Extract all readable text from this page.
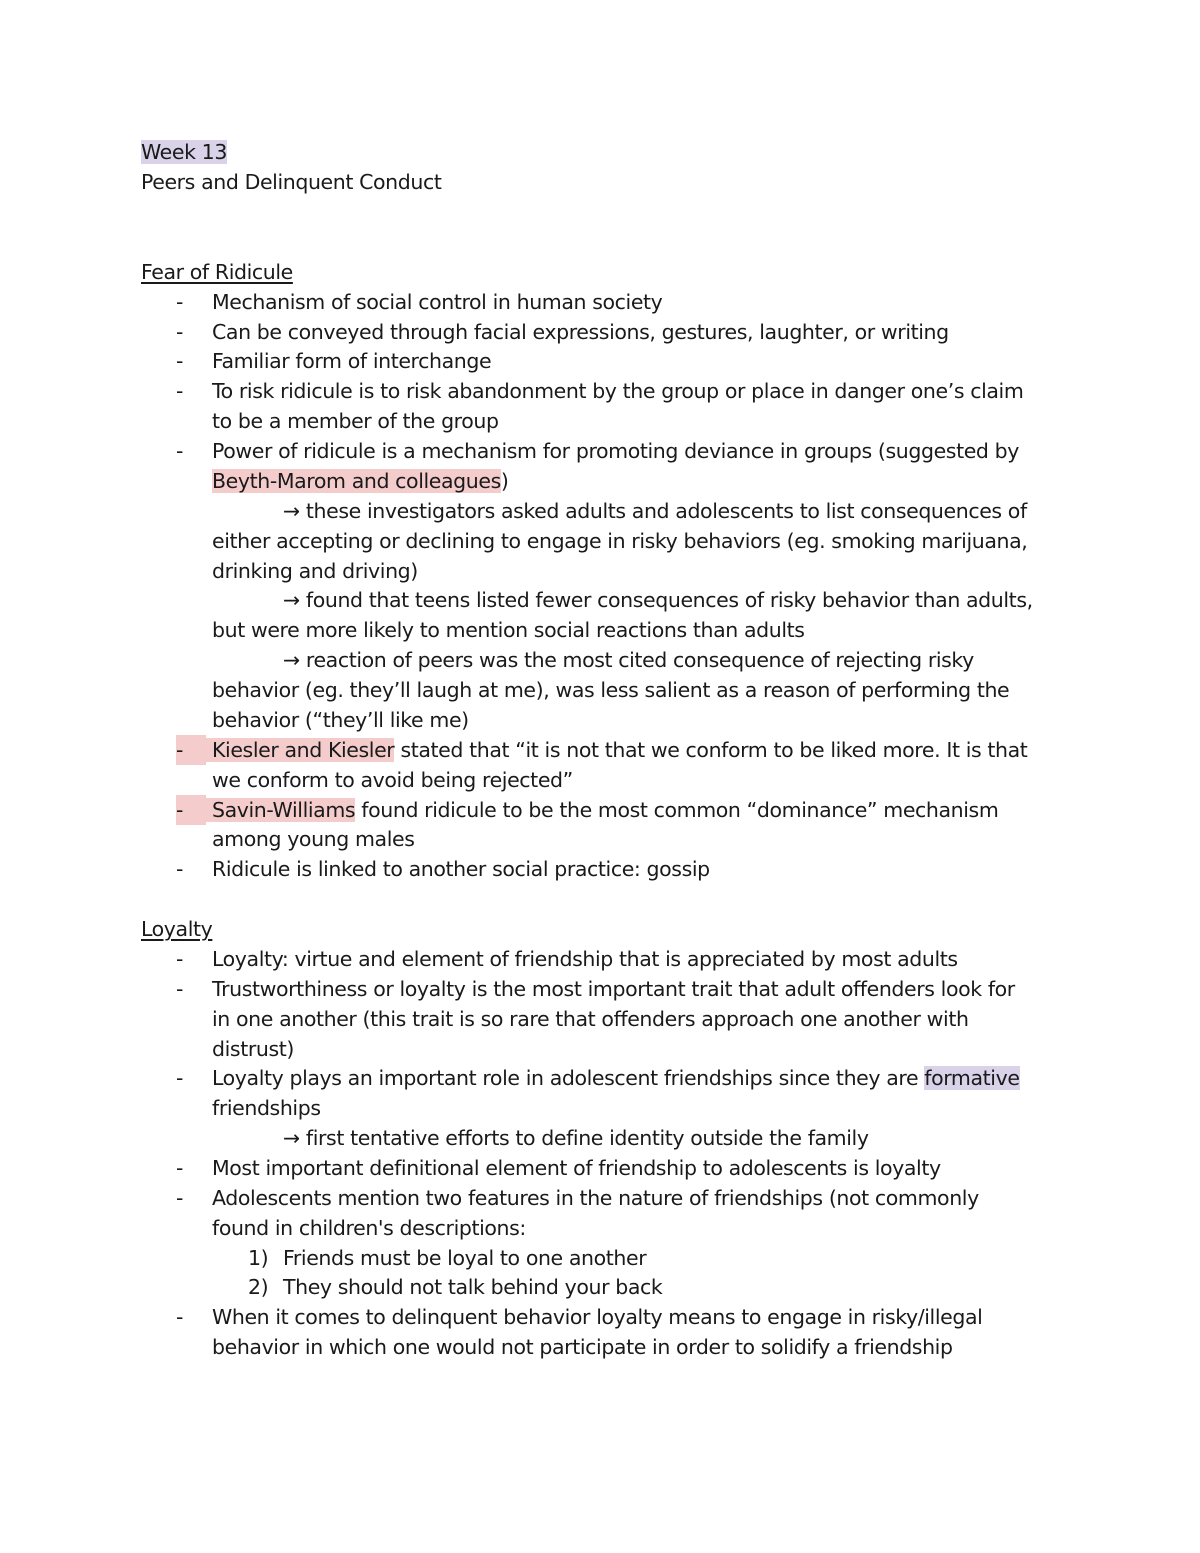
Week 13
Peers and Delinquent Conduct
Fear of Ridicule
-	Mechanism of social control in human society
-	Can be conveyed through facial expressions, gestures, laughter, or writing
-	Familiar form of interchange
-	To risk ridicule is to risk abandonment by the group or place in danger one’s claim
to be a member of the group
-	Power of ridicule is a mechanism for promoting deviance in groups (suggested by
Beyth-Marom and colleagues)
→ these investigators asked adults and adolescents to list consequences of
either accepting or declining to engage in risky behaviors (eg. smoking marijuana,
drinking and driving)
→ found that teens listed fewer consequences of risky behavior than adults,
but were more likely to mention social reactions than adults
→ reaction of peers was the most cited consequence of rejecting risky
behavior (eg. they’ll laugh at me), was less salient as a reason of performing the
behavior (“they’ll like me)
-	Kiesler and Kiesler stated that “it is not that we conform to be liked more. It is that
we conform to avoid being rejected”
-	Savin-Williams found ridicule to be the most common “dominance” mechanism
among young males
-	Ridicule is linked to another social practice: gossip
Loyalty
-	Loyalty: virtue and element of friendship that is appreciated by most adults
-	Trustworthiness or loyalty is the most important trait that adult offenders look for
in one another (this trait is so rare that offenders approach one another with
distrust)
-	Loyalty plays an important role in adolescent friendships since they are formative
friendships
→ first tentative efforts to define identity outside the family
-	Most important definitional element of friendship to adolescents is loyalty
-	Adolescents mention two features in the nature of friendships (not commonly
found in children's descriptions:
1) Friends must be loyal to one another
2) They should not talk behind your back
-	When it comes to delinquent behavior loyalty means to engage in risky/illegal
behavior in which one would not participate in order to solidify a friendship
